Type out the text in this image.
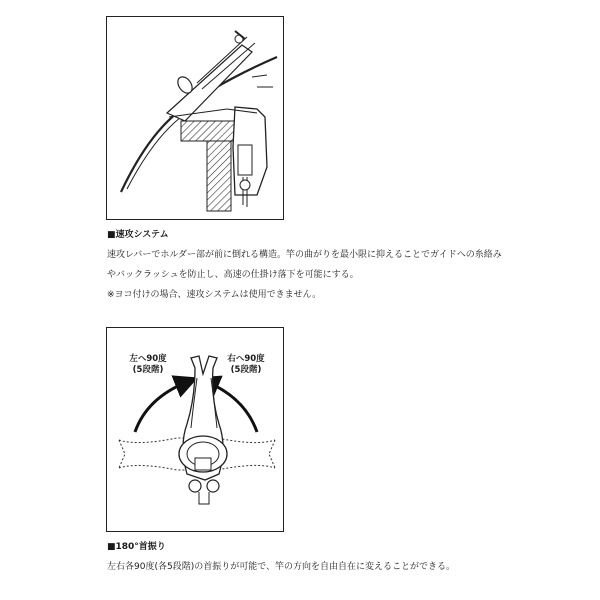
■速攻システム
速攻レバーでホルダー部が前に倒れる構造。竿の曲がりを最小限に抑えることでガイドへの糸絡み
やバックラッシュを防止し、高速の仕掛け落下を可能にする。
※ヨコ付けの場合、速攻システムは使用できません。
左へ90度
(5段階)
右へ90度
(5段階)
■180°首振り
左右各90度(各5段階)の首振りが可能で、竿の方向を自由自在に変えることができる。
